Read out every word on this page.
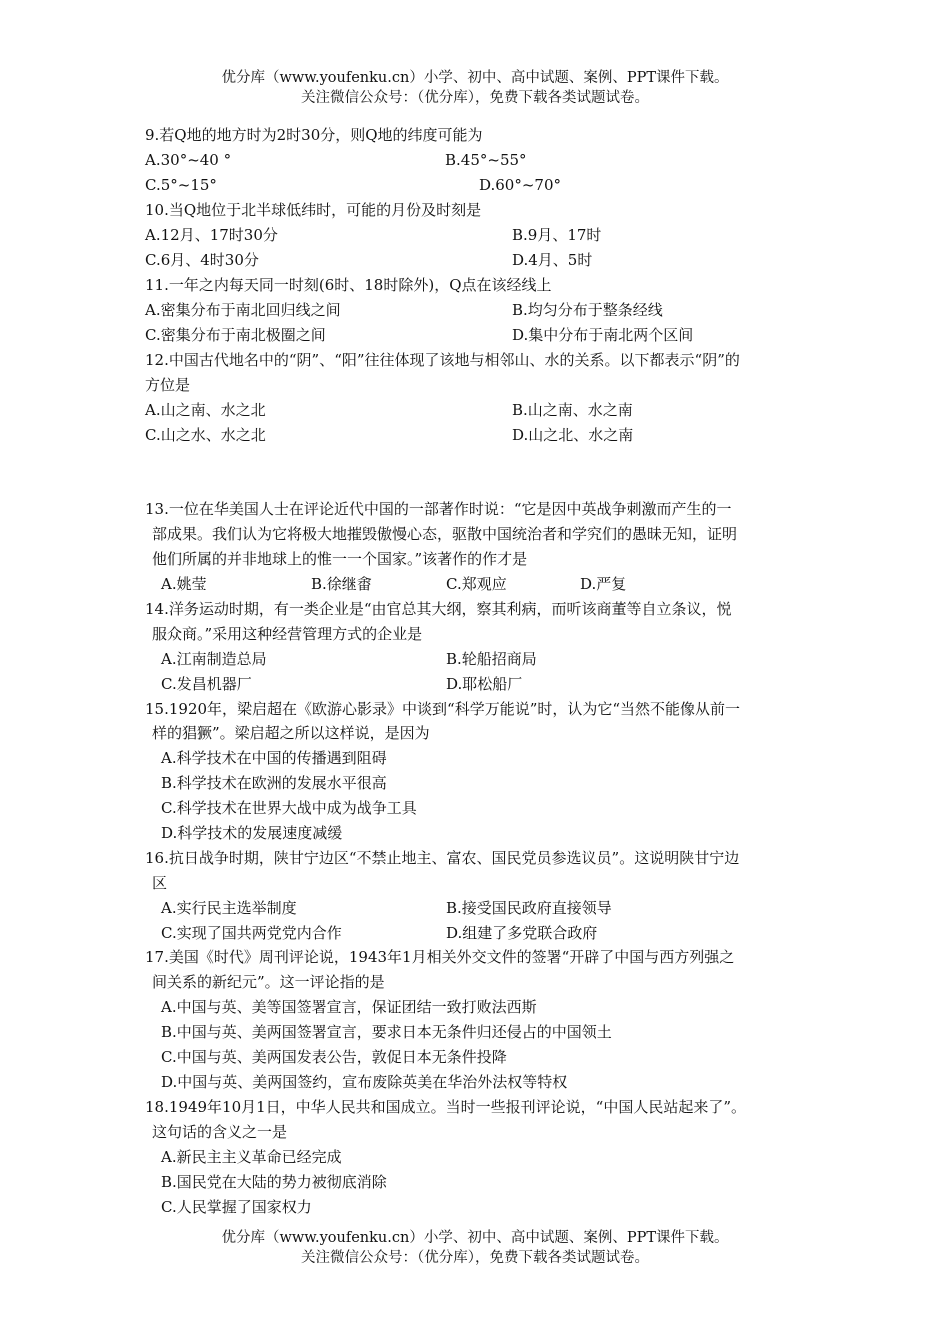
优分库（www.youfenku.cn）小学、初中、高中试题、案例、PPT课件下载。
关注微信公众号：（优分库），免费下载各类试题试卷。
9.若Q地的地方时为2时30分，则Q地的纬度可能为
A.30°~40 °	B.45°~55°
C.5°~15°	D.60°~70°
10.当Q地位于北半球低纬时，可能的月份及时刻是
A.12月、17时30分	B.9月、17时
C.6月、4时30分	D.4月、5时
11.一年之内每天同一时刻(6时、18时除外)，Q点在该经线上
A.密集分布于南北回归线之间	B.均匀分布于整条经线
C.密集分布于南北极圈之间	D.集中分布于南北两个区间
12.中国古代地名中的“阴”、“阳”往往体现了该地与相邻山、水的关系。以下都表示“阴”的
方位是
A.山之南、水之北	B.山之南、水之南
C.山之水、水之北	D.山之北、水之南
13.一位在华美国人士在评论近代中国的一部著作时说：“它是因中英战争刺激而产生的一
部成果。我们认为它将极大地摧毁傲慢心态，驱散中国统治者和学究们的愚昧无知，证明
他们所属的并非地球上的惟一一个国家。”该著作的作才是
A.姚莹	B.徐继畬	C.郑观应	D.严复
14.洋务运动时期，有一类企业是“由官总其大纲，察其利病，而听该商董等自立条议，悦
服众商。”采用这种经营管理方式的企业是
A.江南制造总局	B.轮船招商局
C.发昌机器厂	D.耶松船厂
15.1920年，梁启超在《欧游心影录》中谈到“科学万能说”时，认为它“当然不能像从前一
样的猖獗”。梁启超之所以这样说，是因为
A.科学技术在中国的传播遇到阻碍
B.科学技术在欧洲的发展水平很高
C.科学技术在世界大战中成为战争工具
D.科学技术的发展速度减缓
16.抗日战争时期，陕甘宁边区“不禁止地主、富农、国民党员参选议员”。这说明陕甘宁边
区
A.实行民主选举制度	B.接受国民政府直接领导
C.实现了国共两党党内合作	D.组建了多党联合政府
17.美国《时代》周刊评论说，1943年1月相关外交文件的签署“开辟了中国与西方列强之
间关系的新纪元”。这一评论指的是
A.中国与英、美等国签署宣言，保证团结一致打败法西斯
B.中国与英、美两国签署宣言，要求日本无条件归还侵占的中国领土
C.中国与英、美两国发表公告，敦促日本无条件投降
D.中国与英、美两国签约，宣布废除英美在华治外法权等特权
18.1949年10月1日，中华人民共和国成立。当时一些报刊评论说，“中国人民站起来了”。
这句话的含义之一是
A.新民主主义革命已经完成
B.国民党在大陆的势力被彻底消除
C.人民掌握了国家权力
优分库（www.youfenku.cn）小学、初中、高中试题、案例、PPT课件下载。
关注微信公众号：（优分库），免费下载各类试题试卷。
